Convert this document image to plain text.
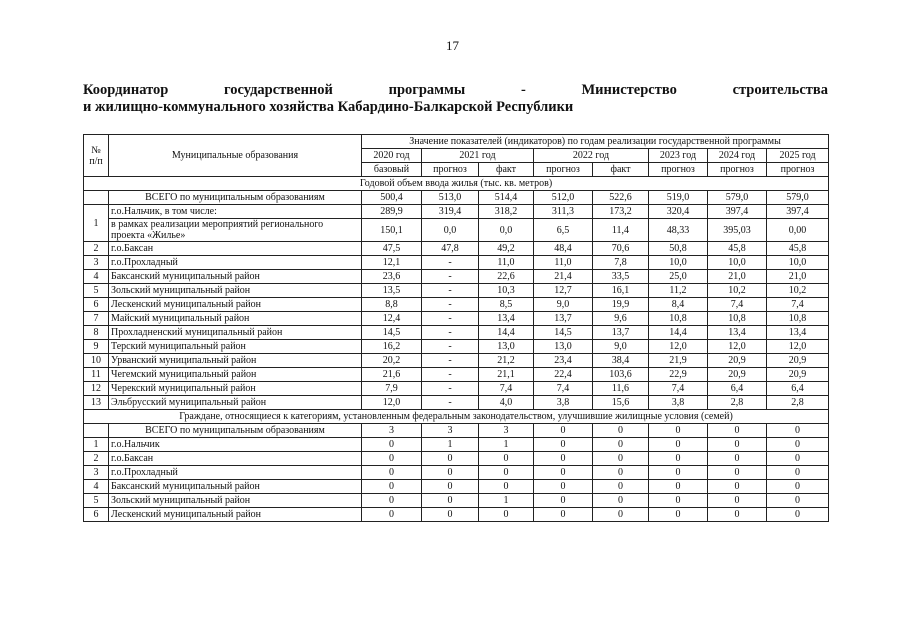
17
Координатор	государственной	программы	-	Министерство	строительства
и жилищно-коммунального хозяйства Кабардино-Балкарской Республики
№ п/п	Муниципальные образования	Значение показателей (индикаторов) по годам реализации государственной программы							
		2020 год	2021 год		2022 год		2023 год	2024 год	2025 год
		базовый	прогноз	факт	прогноз	факт	прогноз	прогноз	прогноз
Годовой объем ввода жилья (тыс. кв. метров)									
	ВСЕГО по муниципальным образованиям	500,4	513,0	514,4	512,0	522,6	519,0	579,0	579,0
1	г.о.Нальчик, в том числе:	289,9	319,4	318,2	311,3	173,2	320,4	397,4	397,4
	в рамках реализации мероприятий регионального проекта «Жилье»	150,1	0,0	0,0	6,5	11,4	48,33	395,03	0,00
2	г.о.Баксан	47,5	47,8	49,2	48,4	70,6	50,8	45,8	45,8
3	г.о.Прохладный	12,1	-	11,0	11,0	7,8	10,0	10,0	10,0
4	Баксанский муниципальный район	23,6	-	22,6	21,4	33,5	25,0	21,0	21,0
5	Зольский муниципальный район	13,5	-	10,3	12,7	16,1	11,2	10,2	10,2
6	Лескенский муниципальный район	8,8	-	8,5	9,0	19,9	8,4	7,4	7,4
7	Майский муниципальный район	12,4	-	13,4	13,7	9,6	10,8	10,8	10,8
8	Прохладненский муниципальный район	14,5	-	14,4	14,5	13,7	14,4	13,4	13,4
9	Терский муниципальный район	16,2	-	13,0	13,0	9,0	12,0	12,0	12,0
10	Урванский муниципальный район	20,2	-	21,2	23,4	38,4	21,9	20,9	20,9
11	Чегемский муниципальный район	21,6	-	21,1	22,4	103,6	22,9	20,9	20,9
12	Черекский муниципальный район	7,9	-	7,4	7,4	11,6	7,4	6,4	6,4
13	Эльбрусский муниципальный район	12,0	-	4,0	3,8	15,6	3,8	2,8	2,8
Граждане, относящиеся к категориям, установленным федеральным законодательством, улучшившие жилищные условия (семей)									
	ВСЕГО по муниципальным образованиям	3	3	3	0	0	0	0	0
1	г.о.Нальчик	0	1	1	0	0	0	0	0
2	г.о.Баксан	0	0	0	0	0	0	0	0
3	г.о.Прохладный	0	0	0	0	0	0	0	0
4	Баксанский муниципальный район	0	0	0	0	0	0	0	0
5	Зольский муниципальный район	0	0	1	0	0	0	0	0
6	Лескенский муниципальный район	0	0	0	0	0	0	0	0
